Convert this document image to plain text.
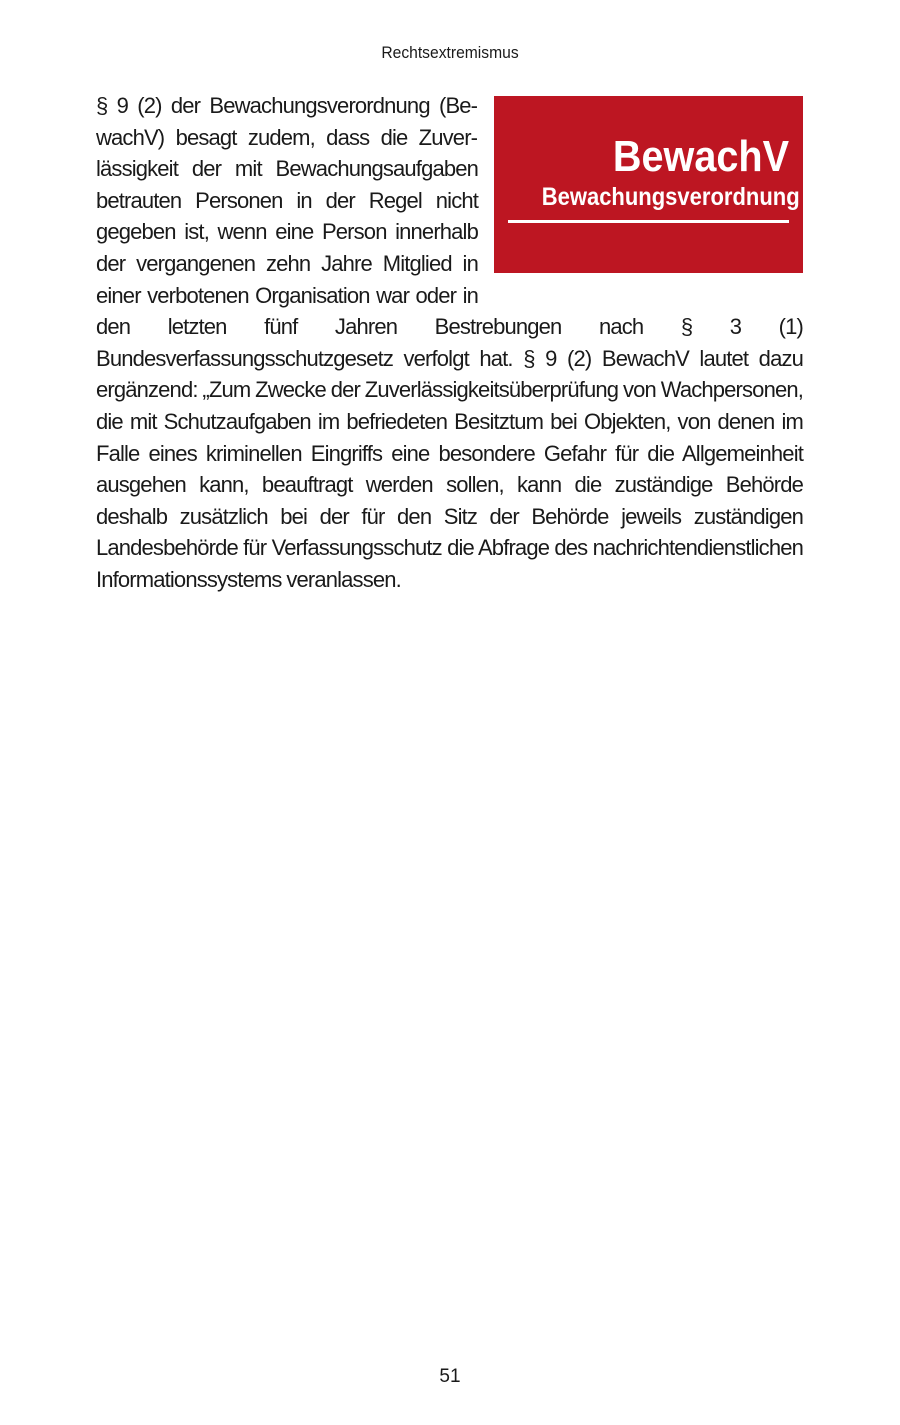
Rechtsextremismus
BewachV
Bewachungsverordnung

§ 9 (2) der Bewachungsverordnung (BewachV) besagt zudem, dass die Zuverlässigkeit der mit Bewachungsaufgaben betrauten Personen in der Regel nicht gegeben ist, wenn eine Person innerhalb der vergangenen zehn Jahre Mitglied in einer verbotenen Organisation war oder in den letzten fünf Jahren Bestrebungen nach § 3 (1) Bundesverfassungsschutzgesetz verfolgt hat. § 9 (2) BewachV lautet dazu ergänzend: „Zum Zwecke der Zuverlässigkeitsüberprüfung von Wachpersonen, die mit Schutzaufgaben im befriedeten Besitztum bei Objekten, von denen im Falle eines kriminellen Eingriffs eine besondere Gefahr für die Allgemeinheit ausgehen kann, beauftragt werden sollen, kann die zuständige Behörde deshalb zusätzlich bei der für den Sitz der Behörde jeweils zuständigen Landesbehörde für Verfassungsschutz die Abfrage des nachrichtendienstlichen Informationssystems veranlassen.

51
